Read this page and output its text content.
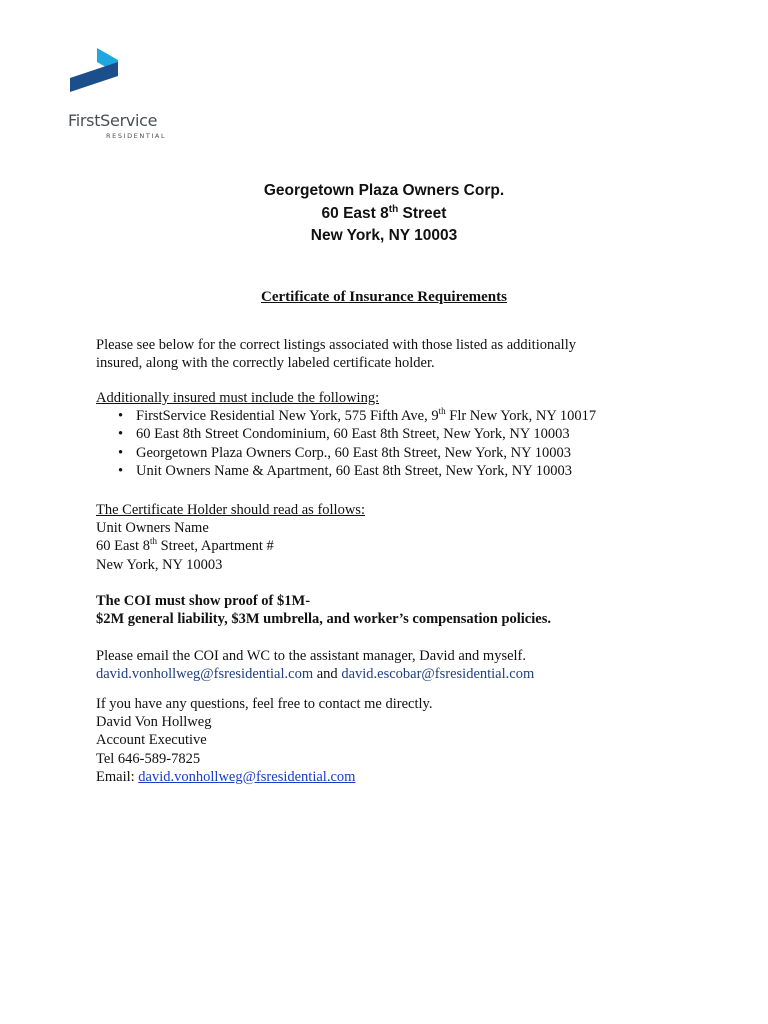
FirstService
RESIDENTIAL
Georgetown Plaza Owners Corp.
60 East 8th Street
New York, NY 10003
Certificate of Insurance Requirements

Please see below for the correct listings associated with those listed as additionally

insured, along with the correctly labeled certificate holder.

Additionally insured must include the following:

• FirstService Residential New York, 575 Fifth Ave, 9th Flr New York, NY 10017
• 60 East 8th Street Condominium, 60 East 8th Street, New York, NY 10003
• Georgetown Plaza Owners Corp., 60 East 8th Street, New York, NY 10003
• Unit Owners Name & Apartment, 60 East 8th Street, New York, NY 10003

The Certificate Holder should read as follows:

Unit Owners Name

60 East 8th Street, Apartment #

New York, NY 10003

The COI must show proof of $1M-

$2M general liability, $3M umbrella, and worker’s compensation policies.

Please email the COI and WC to the assistant manager, David and myself.

david.vonhollweg@fsresidential.com and david.escobar@fsresidential.com

If you have any questions, feel free to contact me directly.

David Von Hollweg

Account Executive

Tel 646-589-7825

Email: david.vonhollweg@fsresidential.com
